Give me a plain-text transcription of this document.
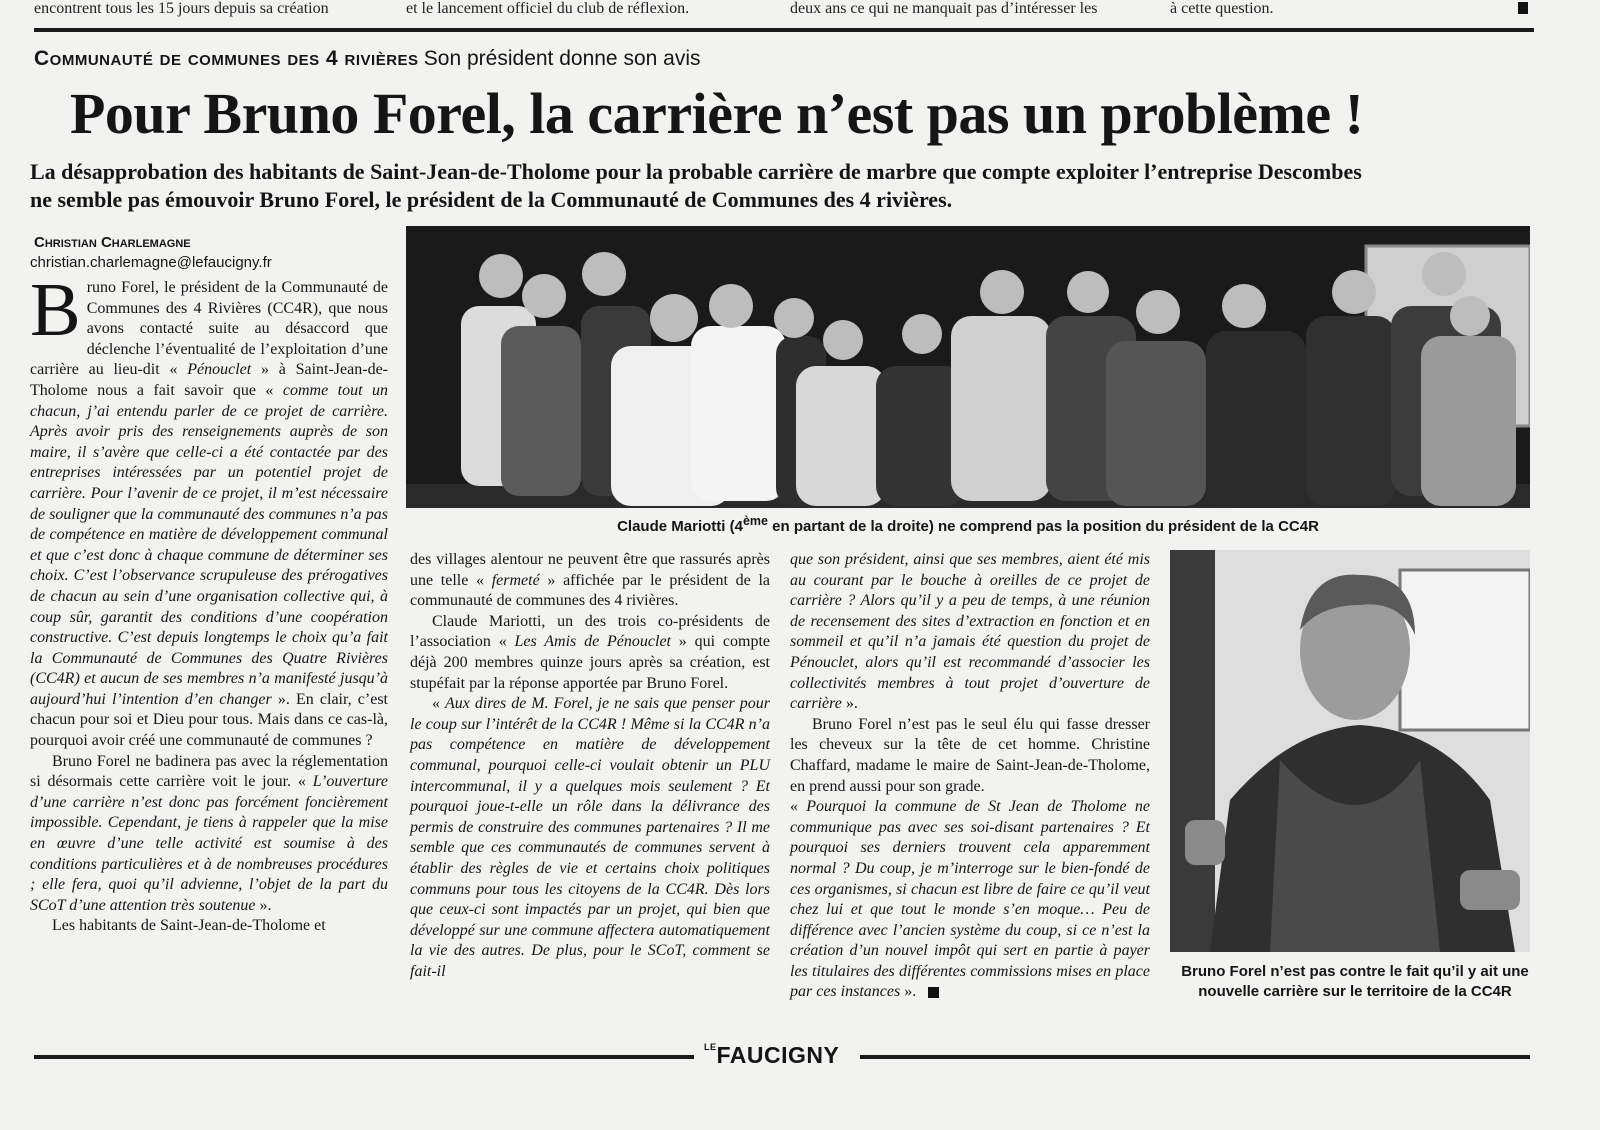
encontrent tous les 15 jours depuis sa création	et le lancement officiel du club de réflexion.	deux ans ce qui ne manquait pas d’intéresser les	à cette question.
Communauté de communes des 4 rivières Son président donne son avis
Pour Bruno Forel, la carrière n’est pas un problème !
La désapprobation des habitants de Saint-Jean-de-Tholome pour la probable carrière de marbre que compte exploiter l’entreprise Descombes
ne semble pas émouvoir Bruno Forel, le président de la Communauté de Communes des 4 rivières.
Christian Charlemagne
christian.charlemagne@lefaucigny.fr
Claude Mariotti (4ème en partant de la droite) ne comprend pas la position du président de la CC4R
Bruno Forel n’est pas contre le fait qu’il y ait une nouvelle carrière sur le territoire de la CC4R

Bruno Forel, le président de la Communauté de Communes des 4 Rivières (CC4R), que nous avons contacté suite au désaccord que déclenche l’éventualité de l’exploitation d’une carrière au lieu-dit « Pénouclet » à Saint-Jean-de-Tholome nous a fait savoir que « comme tout un chacun, j’ai entendu parler de ce projet de carrière. Après avoir pris des renseignements auprès de son maire, il s’avère que celle-ci a été contactée par des entreprises intéressées par un potentiel projet de carrière. Pour l’avenir de ce projet, il m’est nécessaire de souligner que la communauté des communes n’a pas de compétence en matière de développement communal et que c’est donc à chaque commune de déterminer ses choix. C’est l’observance scrupuleuse des prérogatives de chacun au sein d’une organisation collective qui, à coup sûr, garantit des conditions d’une coopération constructive. C’est depuis longtemps le choix qu’a fait la Communauté de Communes des Quatre Rivières (CC4R) et aucun de ses membres n’a manifesté jusqu’à aujourd’hui l’intention d’en changer ». En clair, c’est chacun pour soi et Dieu pour tous. Mais dans ce cas-là, pourquoi avoir créé une communauté de communes ?

Bruno Forel ne badinera pas avec la réglementation si désormais cette carrière voit le jour. « L’ouverture d’une carrière n’est donc pas forcément foncièrement impossible. Cependant, je tiens à rappeler que la mise en œuvre d’une telle activité est soumise à des conditions particulières et à de nombreuses procédures ; elle fera, quoi qu’il advienne, l’objet de la part du SCoT d’une attention très soutenue ».

Les habitants de Saint-Jean-de-Tholome et

des villages alentour ne peuvent être que rassurés après une telle « fermeté » affichée par le président de la communauté de communes des 4 rivières.

Claude Mariotti, un des trois co-présidents de l’association « Les Amis de Pénouclet » qui compte déjà 200 membres quinze jours après sa création, est stupéfait par la réponse apportée par Bruno Forel.

« Aux dires de M. Forel, je ne sais que penser pour le coup sur l’intérêt de la CC4R ! Même si la CC4R n’a pas compétence en matière de développement communal, pourquoi celle-ci voulait obtenir un PLU intercommunal, il y a quelques mois seulement ? Et pourquoi joue-t-elle un rôle dans la délivrance des permis de construire des communes partenaires ? Il me semble que ces communautés de communes servent à établir des règles de vie et certains choix politiques communs pour tous les citoyens de la CC4R. Dès lors que ceux-ci sont impactés par un projet, qui bien que développé sur une commune affectera automatiquement la vie des autres. De plus, pour le SCoT, comment se fait-il

que son président, ainsi que ses membres, aient été mis au courant par le bouche à oreilles de ce projet de carrière ? Alors qu’il y a peu de temps, à une réunion de recensement des sites d’extraction en fonction et en sommeil et qu’il n’a jamais été question du projet de Pénouclet, alors qu’il est recommandé d’associer les collectivités membres à tout projet d’ouverture de carrière ».

Bruno Forel n’est pas le seul élu qui fasse dresser les cheveux sur la tête de cet homme. Christine Chaffard, madame le maire de Saint-Jean-de-Tholome, en prend aussi pour son grade.

« Pourquoi la commune de St Jean de Tholome ne communique pas avec ses soi-disant partenaires ? Et pourquoi ses derniers trouvent cela apparemment normal ? Du coup, je m’interroge sur le bien-fondé de ces organismes, si chacun est libre de faire ce qu’il veut chez lui et que tout le monde s’en moque… Peu de différence avec l’ancien système du coup, si ce n’est la création d’un nouvel impôt qui sert en partie à payer les titulaires des différentes commissions mises en place par ces instances ».

$^{LE}$FAUCIGNY
